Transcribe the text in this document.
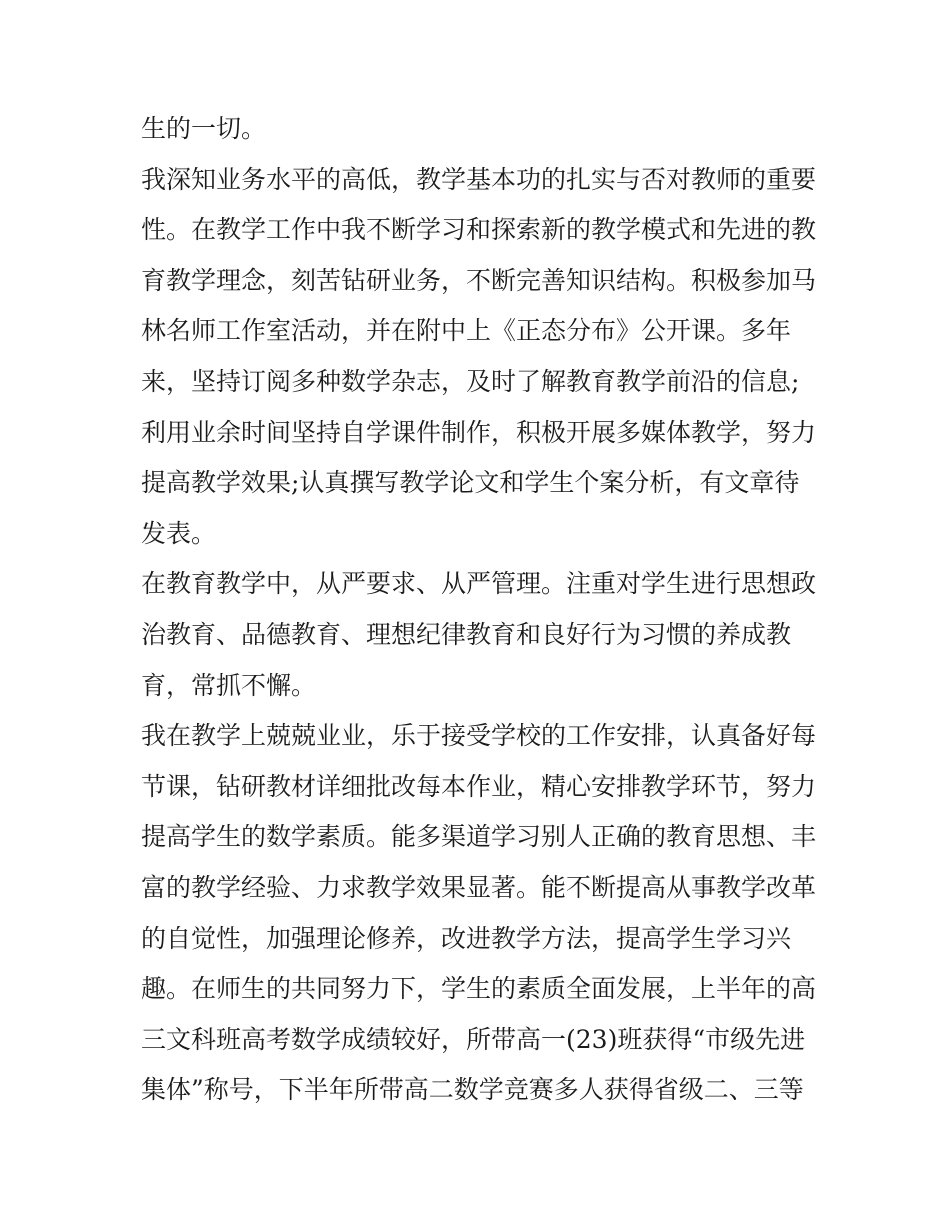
生的一切。
我深知业务水平的高低，教学基本功的扎实与否对教师的重要
性。在教学工作中我不断学习和探索新的教学模式和先进的教
育教学理念，刻苦钻研业务，不断完善知识结构。积极参加马
林名师工作室活动，并在附中上《正态分布》公开课。多年
来，坚持订阅多种数学杂志，及时了解教育教学前沿的信息;
利用业余时间坚持自学课件制作，积极开展多媒体教学，努力
提高教学效果;认真撰写教学论文和学生个案分析，有文章待
发表。
在教育教学中，从严要求、从严管理。注重对学生进行思想政
治教育、品德教育、理想纪律教育和良好行为习惯的养成教
育，常抓不懈。
我在教学上兢兢业业，乐于接受学校的工作安排，认真备好每
节课，钻研教材详细批改每本作业，精心安排教学环节，努力
提高学生的数学素质。能多渠道学习别人正确的教育思想、丰
富的教学经验、力求教学效果显著。能不断提高从事教学改革
的自觉性，加强理论修养，改进教学方法，提高学生学习兴
趣。在师生的共同努力下，学生的素质全面发展，上半年的高
三文科班高考数学成绩较好，所带高一(23)班获得“市级先进
集体”称号，下半年所带高二数学竞赛多人获得省级二、三等
